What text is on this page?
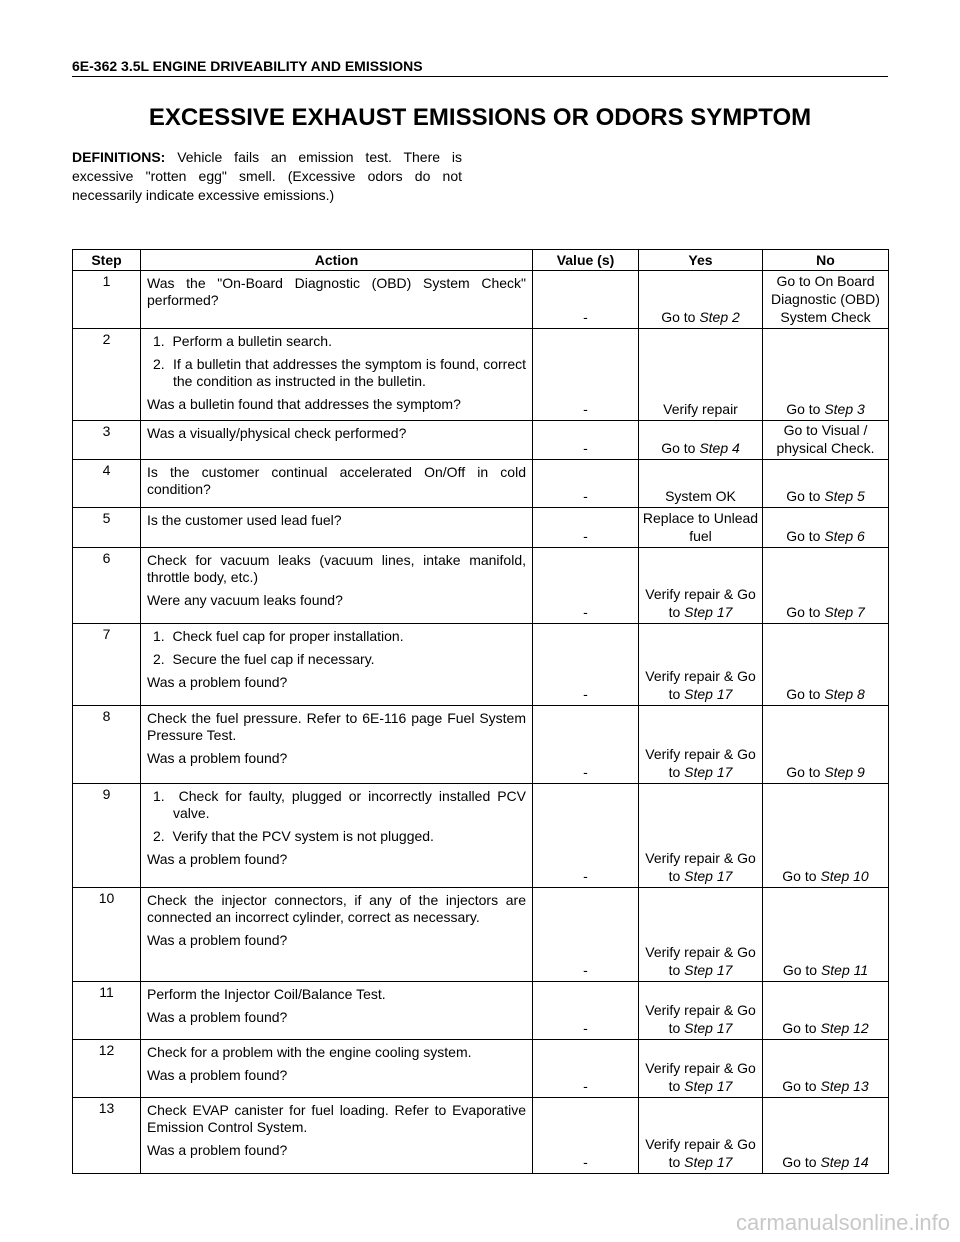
6E-362 3.5L ENGINE DRIVEABILITY AND EMISSIONS
EXCESSIVE EXHAUST EMISSIONS OR ODORS SYMPTOM
DEFINITIONS: Vehicle fails an emission test. There is excessive "rotten egg" smell. (Excessive odors do not necessarily indicate excessive emissions.)
Step	Action	Value (s)	Yes	No
1	Was the "On-Board Diagnostic (OBD) System Check" performed?	-	Go to Step 2	Go to On Board Diagnostic (OBD) System Check
2	1. Perform a bulletin search.
2. If a bulletin that addresses the symptom is found, correct the condition as instructed in the bulletin.
Was a bulletin found that addresses the symptom?	-	Verify repair	Go to Step 3
3	Was a visually/physical check performed?	-	Go to Step 4	Go to Visual / physical Check.
4	Is the customer continual accelerated On/Off in cold condition?	-	System OK	Go to Step 5
5	Is the customer used lead fuel?	-	Replace to Unlead fuel	Go to Step 6
6	Check for vacuum leaks (vacuum lines, intake manifold, throttle body, etc.)
Were any vacuum leaks found?	-	Verify repair & Go to Step 17	Go to Step 7
7	1. Check fuel cap for proper installation.
2. Secure the fuel cap if necessary.
Was a problem found?	-	Verify repair & Go to Step 17	Go to Step 8
8	Check the fuel pressure. Refer to 6E-116 page Fuel System Pressure Test.
Was a problem found?	-	Verify repair & Go to Step 17	Go to Step 9
9	1. Check for faulty, plugged or incorrectly installed PCV valve.
2. Verify that the PCV system is not plugged.
Was a problem found?	-	Verify repair & Go to Step 17	Go to Step 10
10	Check the injector connectors, if any of the injectors are connected an incorrect cylinder, correct as necessary.
Was a problem found?	-	Verify repair & Go to Step 17	Go to Step 11
11	Perform the Injector Coil/Balance Test.
Was a problem found?	-	Verify repair & Go to Step 17	Go to Step 12
12	Check for a problem with the engine cooling system.
Was a problem found?	-	Verify repair & Go to Step 17	Go to Step 13
13	Check EVAP canister for fuel loading. Refer to Evaporative Emission Control System.
Was a problem found?	-	Verify repair & Go to Step 17	Go to Step 14
carmanualsonline.info
